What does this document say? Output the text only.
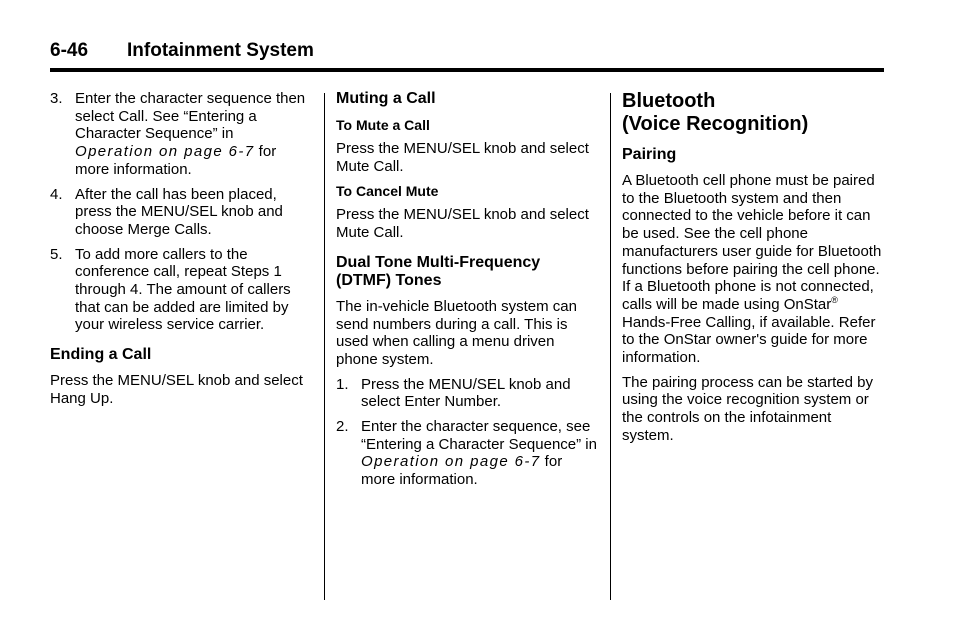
6-46 Infotainment System
3. Enter the character sequence then select Call. See “Entering a Character Sequence” in Operation on page 6-7 for more information.
4. After the call has been placed, press the MENU/SEL knob and choose Merge Calls.
5. To add more callers to the conference call, repeat Steps 1 through 4. The amount of callers that can be added are limited by your wireless service carrier.
Ending a Call

Press the MENU/SEL knob and select Hang Up.

Muting a Call
To Mute a Call

Press the MENU/SEL knob and select Mute Call.

To Cancel Mute

Press the MENU/SEL knob and select Mute Call.

Dual Tone Multi-Frequency (DTMF) Tones

The in-vehicle Bluetooth system can send numbers during a call. This is used when calling a menu driven phone system.

1. Press the MENU/SEL knob and select Enter Number.
2. Enter the character sequence, see “Entering a Character Sequence” in Operation on page 6-7 for more information.
Bluetooth
(Voice Recognition)
Pairing

A Bluetooth cell phone must be paired to the Bluetooth system and then connected to the vehicle before it can be used. See the cell phone manufacturers user guide for Bluetooth functions before pairing the cell phone. If a Bluetooth phone is not connected, calls will be made using OnStar® Hands-Free Calling, if available. Refer to the OnStar owner's guide for more information.

The pairing process can be started by using the voice recognition system or the controls on the infotainment system.
